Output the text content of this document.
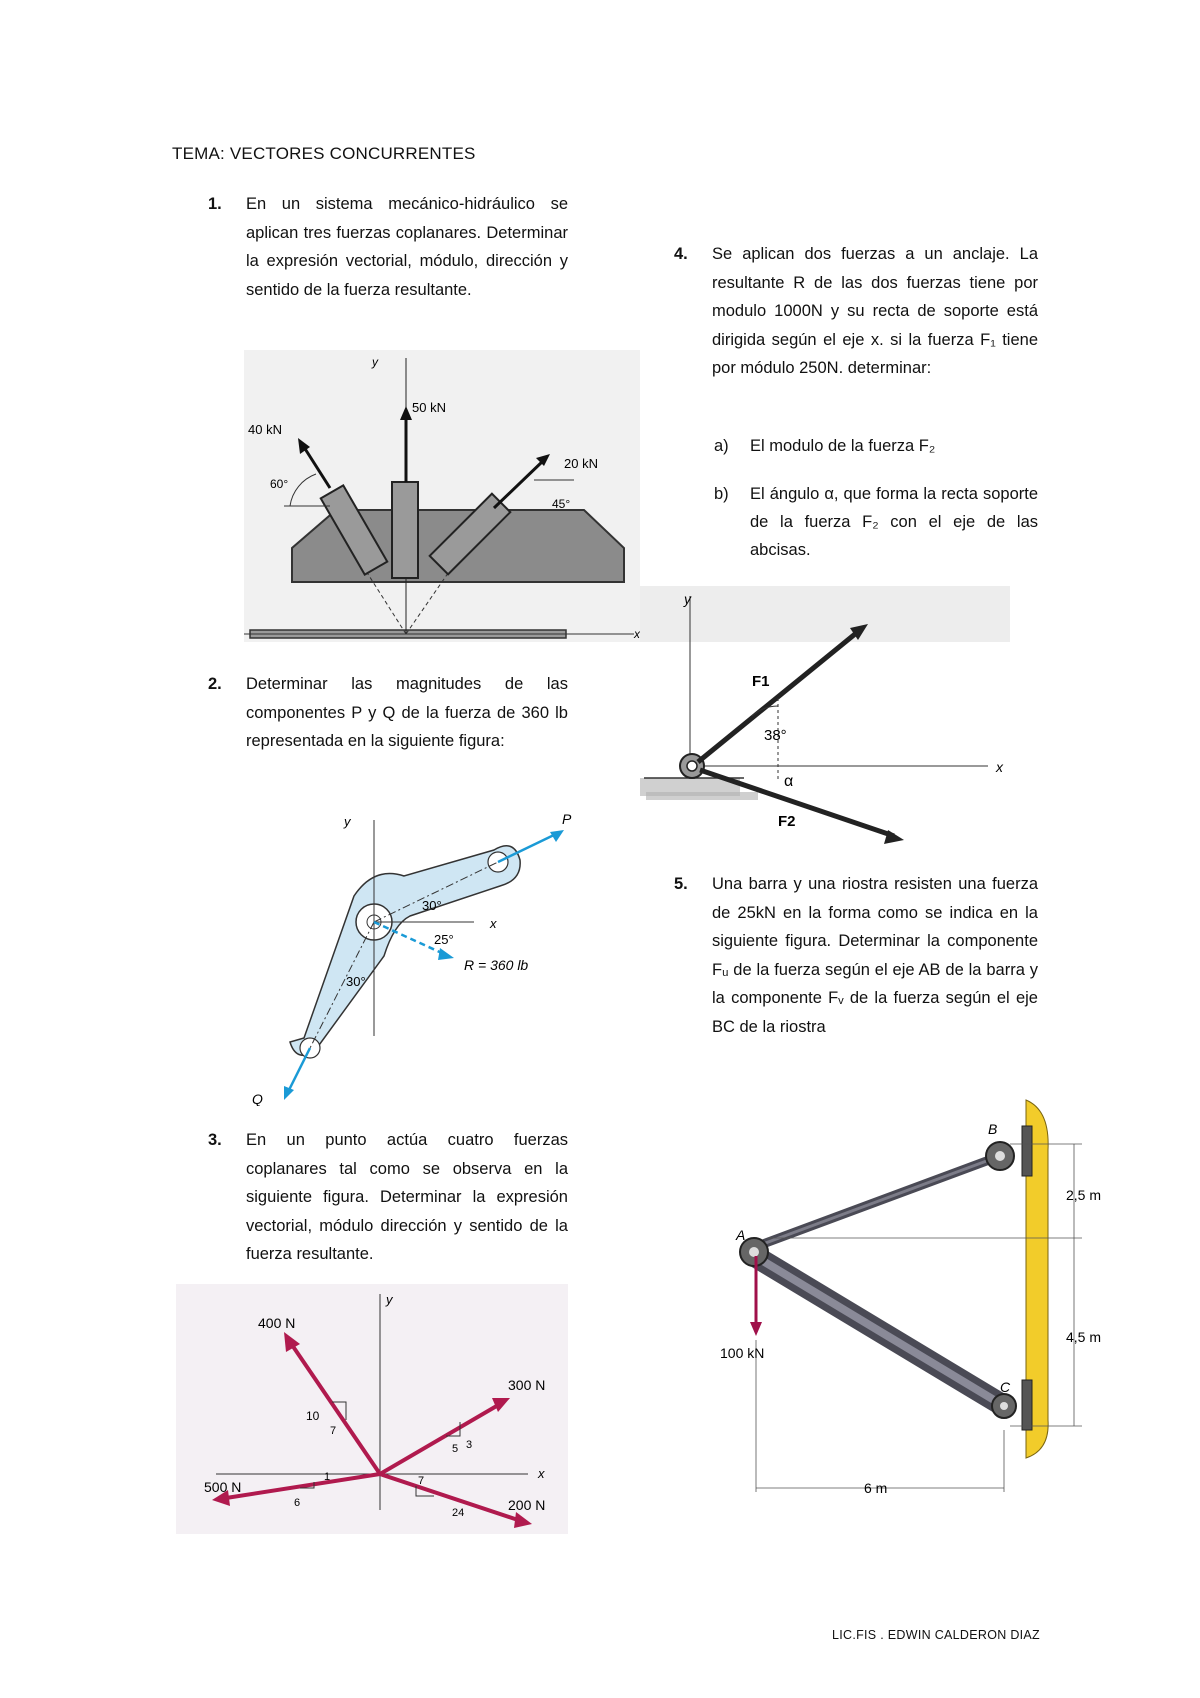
TEMA: VECTORES CONCURRENTES
1. En un sistema mecánico-hidráulico se aplican tres fuerzas coplanares. Determinar la expresión vectorial, módulo, dirección y sentido de la fuerza resultante.
y
x
50 kN
40 kN
20 kN
60°
45°
2. Determinar las magnitudes de las componentes P y Q de la fuerza de 360 lb representada en la siguiente figura:
y
x
P
Q
30°
25°
30°
R = 360 lb
3. En un punto actúa cuatro fuerzas coplanares tal como se observa en la siguiente figura. Determinar la expresión vectorial, módulo dirección y sentido de la fuerza resultante.
y
x
400 N
300 N
500 N
200 N
10
7
3
5
6
1	7
24
4. Se aplican dos fuerzas a un anclaje. La resultante R de las dos fuerzas tiene por modulo 1000N y su recta de soporte está dirigida según el eje x. si la fuerza F₁ tiene por módulo 250N. determinar:
a) El modulo de la fuerza F₂
b) El ángulo α, que forma la recta soporte de la fuerza F₂ con el eje de las abcisas.
y
x
F1
F2
38°
α
5. Una barra y una riostra resisten una fuerza de 25kN en la forma como se indica en la siguiente figura. Determinar la componente Fᵤ de la fuerza según el eje AB de la barra y la componente Fᵥ de la fuerza según el eje BC de la riostra
A
B
C
100 kN
2,5 m
4,5 m
6 m
LIC.FIS . EDWIN CALDERON DIAZ
